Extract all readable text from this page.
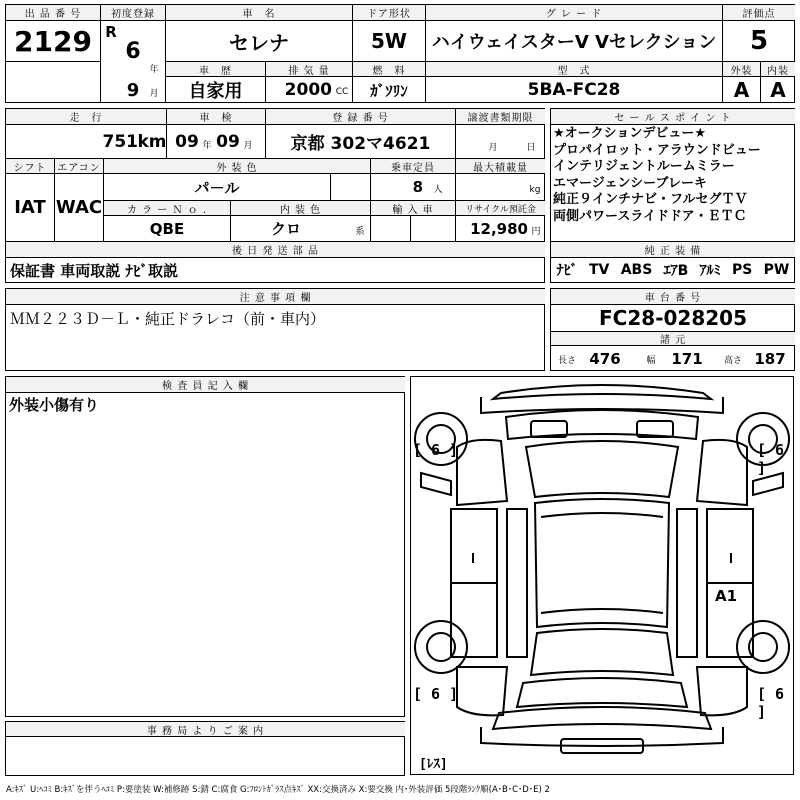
出 品 番 号
2129
初度登録
R
6
年
9	月
車　名
セレナ
ドア形状
5W
グ レ ー ド
ハイウェイスターV Vセレクション
評価点
5
車　歴
自家用
排 気 量
2000 CC
燃　料
ｶﾞｿﾘﾝ
型　式
5BA-FC28
外装	内装
A	A
走　行
751 km
車　検
09 年 09 月
登 録 番 号
京都 302マ4621
譲渡書類期限
月	日
シフト
IAT
エアコン
WAC
外 装 色
パ－ル
乗車定員
8	人
最大積載量
kg
カ ラ ー Ｎ ｏ .
QBE
内 装 色
クロ	系
輸 入 車	リサイクル預託金
12,980 円
後 日 発 送 部 品
保証書 車両取説 ﾅﾋﾞ取説
セ ー ル ス ポ イ ン ト
★オークションデビュー★
プロパイロット・アラウンドビュー
インテリジェントルームミラー
エマージェンシーブレーキ
純正９インチナビ・フルセグＴＶ
両側パワースライドドア・ＥＴＣ
純 正 装 備
ﾅﾋﾞ TV ABS ｴｱB ｱﾙﾐ PS PW
注 意 事 項 欄
ＭＭ２２３Ｄ－Ｌ・純正ドラレコ（前・車内）
車 台 番 号
FC28-028205
諸 元
長さ 476	幅	171	高さ 187
検 査 員 記 入 欄
外装小傷有り
事 務 局 よ り ご 案 内
[ 6 ]	[ 6 ]
[ 6 ]	[ 6 ]
A1
[ﾚｽ]
A:ｷｽﾞ U:ﾍｺﾐ B:ｷｽﾞを伴うﾍｺﾐ P:要塗装 W:補修跡 S:錆 C:腐食 G:ﾌﾛﾝﾄｶﾞﾗｽ点ｷｽﾞ XX:交換済み X:要交換 内･外装評価 5段階ﾗﾝｸ順(A･B･C･D･E) 2
